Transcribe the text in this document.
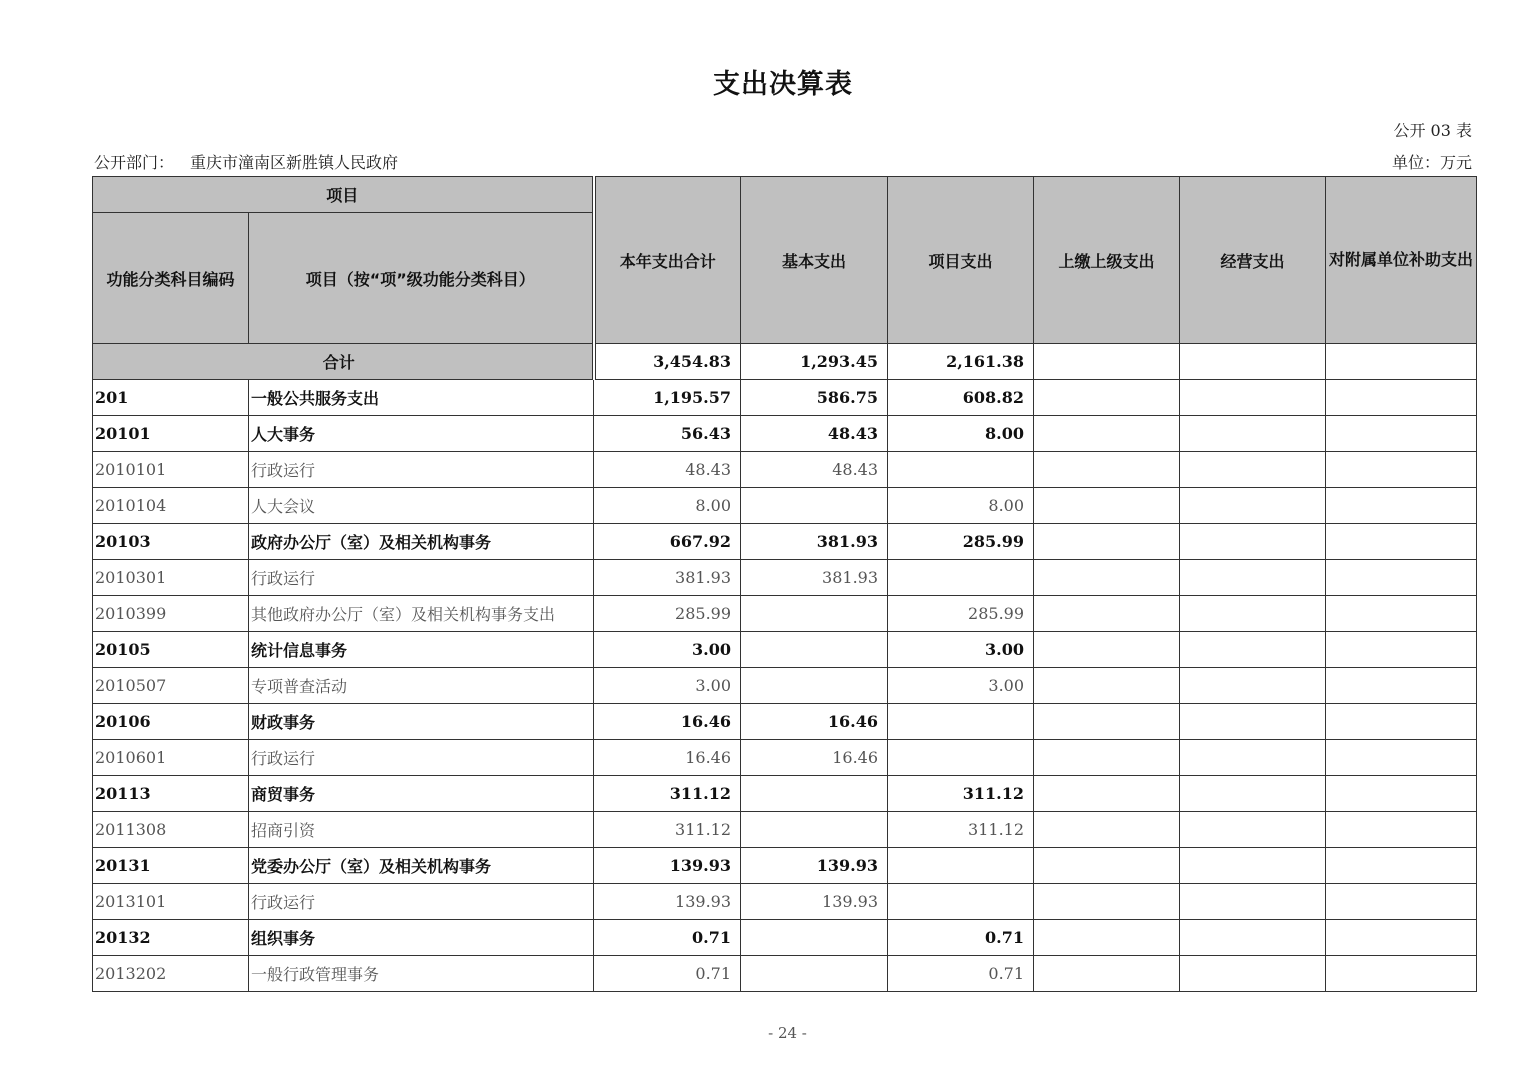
支出决算表
公开 03 表
公开部门： 重庆市潼南区新胜镇人民政府	单位：万元
项目		本年支出合计	基本支出	项目支出	上缴上级支出	经营支出	对附属单位补助支出
功能分类科目编码	项目（按“项”级功能分类科目）						
合计		3,454.83	1,293.45	2,161.38			
201	一般公共服务支出	1,195.57	586.75	608.82			
20101	人大事务	56.43	48.43	8.00			
2010101	行政运行	48.43	48.43				
2010104	人大会议	8.00		8.00			
20103	政府办公厅（室）及相关机构事务	667.92	381.93	285.99			
2010301	行政运行	381.93	381.93				
2010399	其他政府办公厅（室）及相关机构事务支出	285.99		285.99			
20105	统计信息事务	3.00		3.00			
2010507	专项普查活动	3.00		3.00			
20106	财政事务	16.46	16.46				
2010601	行政运行	16.46	16.46				
20113	商贸事务	311.12		311.12			
2011308	招商引资	311.12		311.12			
20131	党委办公厅（室）及相关机构事务	139.93	139.93				
2013101	行政运行	139.93	139.93				
20132	组织事务	0.71		0.71			
2013202	一般行政管理事务	0.71		0.71			
- 24 -
